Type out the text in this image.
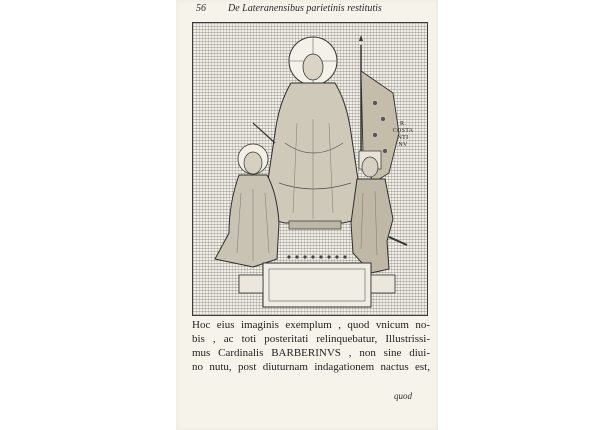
56 De Lateranensibus parietinis restitutis
R.
COSTA
NTI
NV
Hoc eius imaginis exemplum , quod vnicum no-
bis , ac toti posteritati relinquebatur, Illustrissi-
mus Cardinalis BARBERINVS , non sine diui-
no nutu, post diuturnam indagationem nactus est,
quod
